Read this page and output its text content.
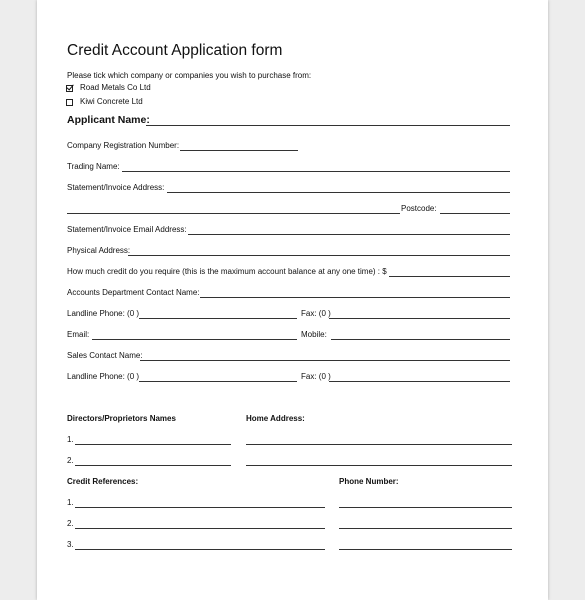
Credit Account Application form
Please tick which company or companies you wish to purchase from:
Road Metals Co Ltd
Kiwi Concrete Ltd
Applicant Name:
Company Registration Number:
Trading Name:
Statement/Invoice Address:
Postcode:
Statement/Invoice Email Address:
Physical Address:
How much credit do you require (this is the maximum account balance at any one time) : $
Accounts Department Contact Name:
Landline Phone: (0 )	Fax: (0 )
Email:	Mobile:
Sales Contact Name:
Landline Phone: (0 )	Fax: (0 )
Directors/Proprietors Names	Home Address:
1.
2.
Credit References:	Phone Number:
1.
2.
3.
